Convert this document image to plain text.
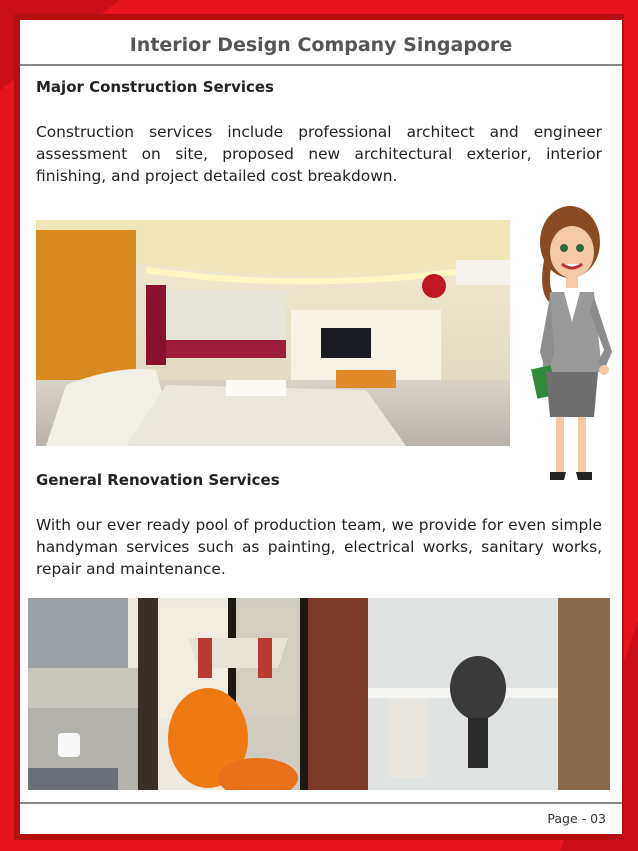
Interior Design Company Singapore
Major Construction Services
Construction services include professional architect and engineer assessment on site, proposed new architectural exterior, interior finishing, and project detailed cost breakdown.
General Renovation Services
With our ever ready pool of production team, we provide for even simple handyman services such as painting, electrical works, sanitary works, repair and maintenance.
Page - 03
